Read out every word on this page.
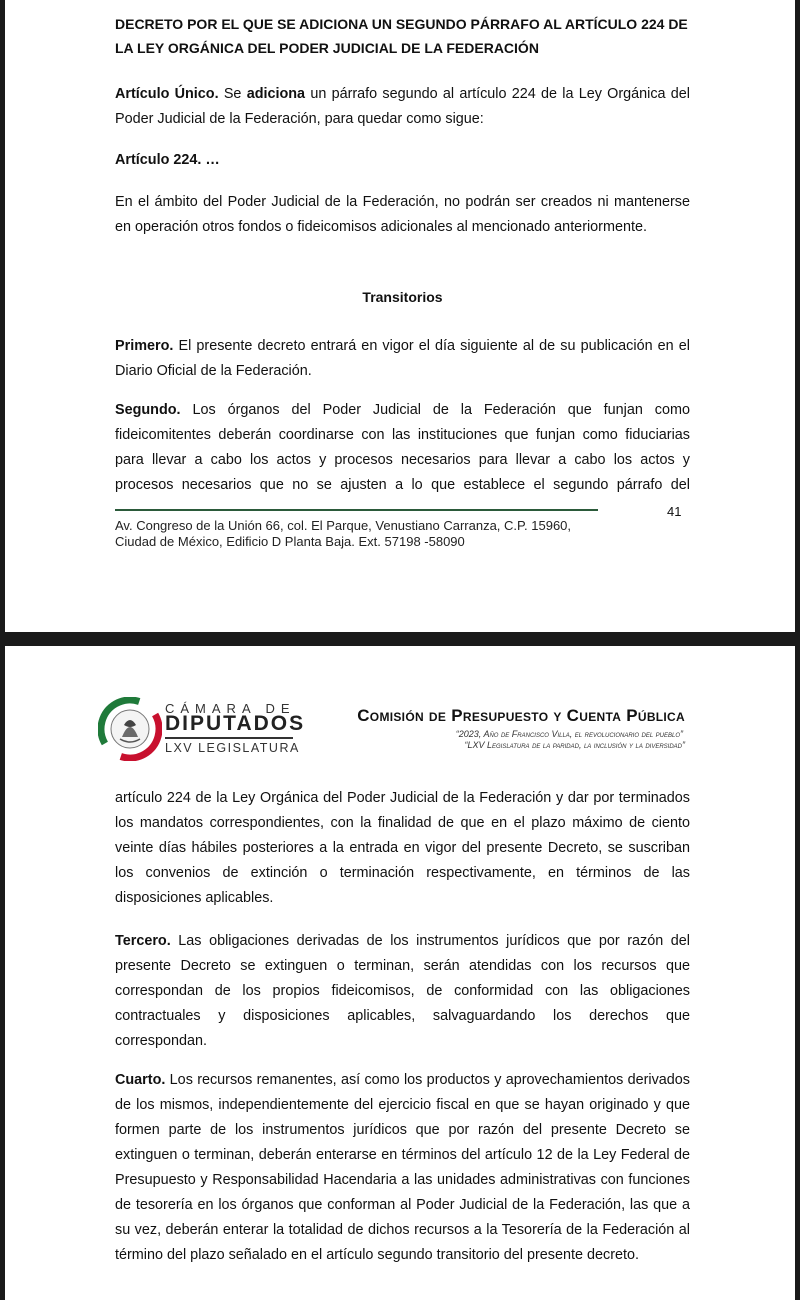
DECRETO POR EL QUE SE ADICIONA UN SEGUNDO PÁRRAFO AL ARTÍCULO 224 DE LA LEY ORGÁNICA DEL PODER JUDICIAL DE LA FEDERACIÓN

Artículo Único. Se adiciona un párrafo segundo al artículo 224 de la Ley Orgánica del Poder Judicial de la Federación, para quedar como sigue:

Artículo 224. …

En el ámbito del Poder Judicial de la Federación, no podrán ser creados ni mantenerse en operación otros fondos o fideicomisos adicionales al mencionado anteriormente.

Transitorios

Primero. El presente decreto entrará en vigor el día siguiente al de su publicación en el Diario Oficial de la Federación.

Segundo. Los órganos del Poder Judicial de la Federación que funjan como fideicomitentes deberán coordinarse con las instituciones que funjan como fiduciarias para llevar a cabo los actos y procesos necesarios para llevar a cabo los actos y procesos necesarios que no se ajusten a lo que establece el segundo párrafo del

41
Av. Congreso de la Unión 66, col. El Parque, Venustiano Carranza, C.P. 15960,
Ciudad de México, Edificio D Planta Baja. Ext. 57198 -58090
CÁMARA DE
DIPUTADOS
LXV LEGISLATURA
Comisión de Presupuesto y Cuenta Pública
“2023, Año de Francisco Villa, el revolucionario del pueblo”
“LXV Legislatura de la paridad, la inclusión y la diversidad”

artículo 224 de la Ley Orgánica del Poder Judicial de la Federación y dar por terminados los mandatos correspondientes, con la finalidad de que en el plazo máximo de ciento veinte días hábiles posteriores a la entrada en vigor del presente Decreto, se suscriban los convenios de extinción o terminación respectivamente, en términos de las disposiciones aplicables.

Tercero. Las obligaciones derivadas de los instrumentos jurídicos que por razón del presente Decreto se extinguen o terminan, serán atendidas con los recursos que correspondan de los propios fideicomisos, de conformidad con las obligaciones contractuales y disposiciones aplicables, salvaguardando los derechos que correspondan.

Cuarto. Los recursos remanentes, así como los productos y aprovechamientos derivados de los mismos, independientemente del ejercicio fiscal en que se hayan originado y que formen parte de los instrumentos jurídicos que por razón del presente Decreto se extinguen o terminan, deberán enterarse en términos del artículo 12 de la Ley Federal de Presupuesto y Responsabilidad Hacendaria a las unidades administrativas con funciones de tesorería en los órganos que conforman al Poder Judicial de la Federación, las que a su vez, deberán enterar la totalidad de dichos recursos a la Tesorería de la Federación al término del plazo señalado en el artículo segundo transitorio del presente decreto.
